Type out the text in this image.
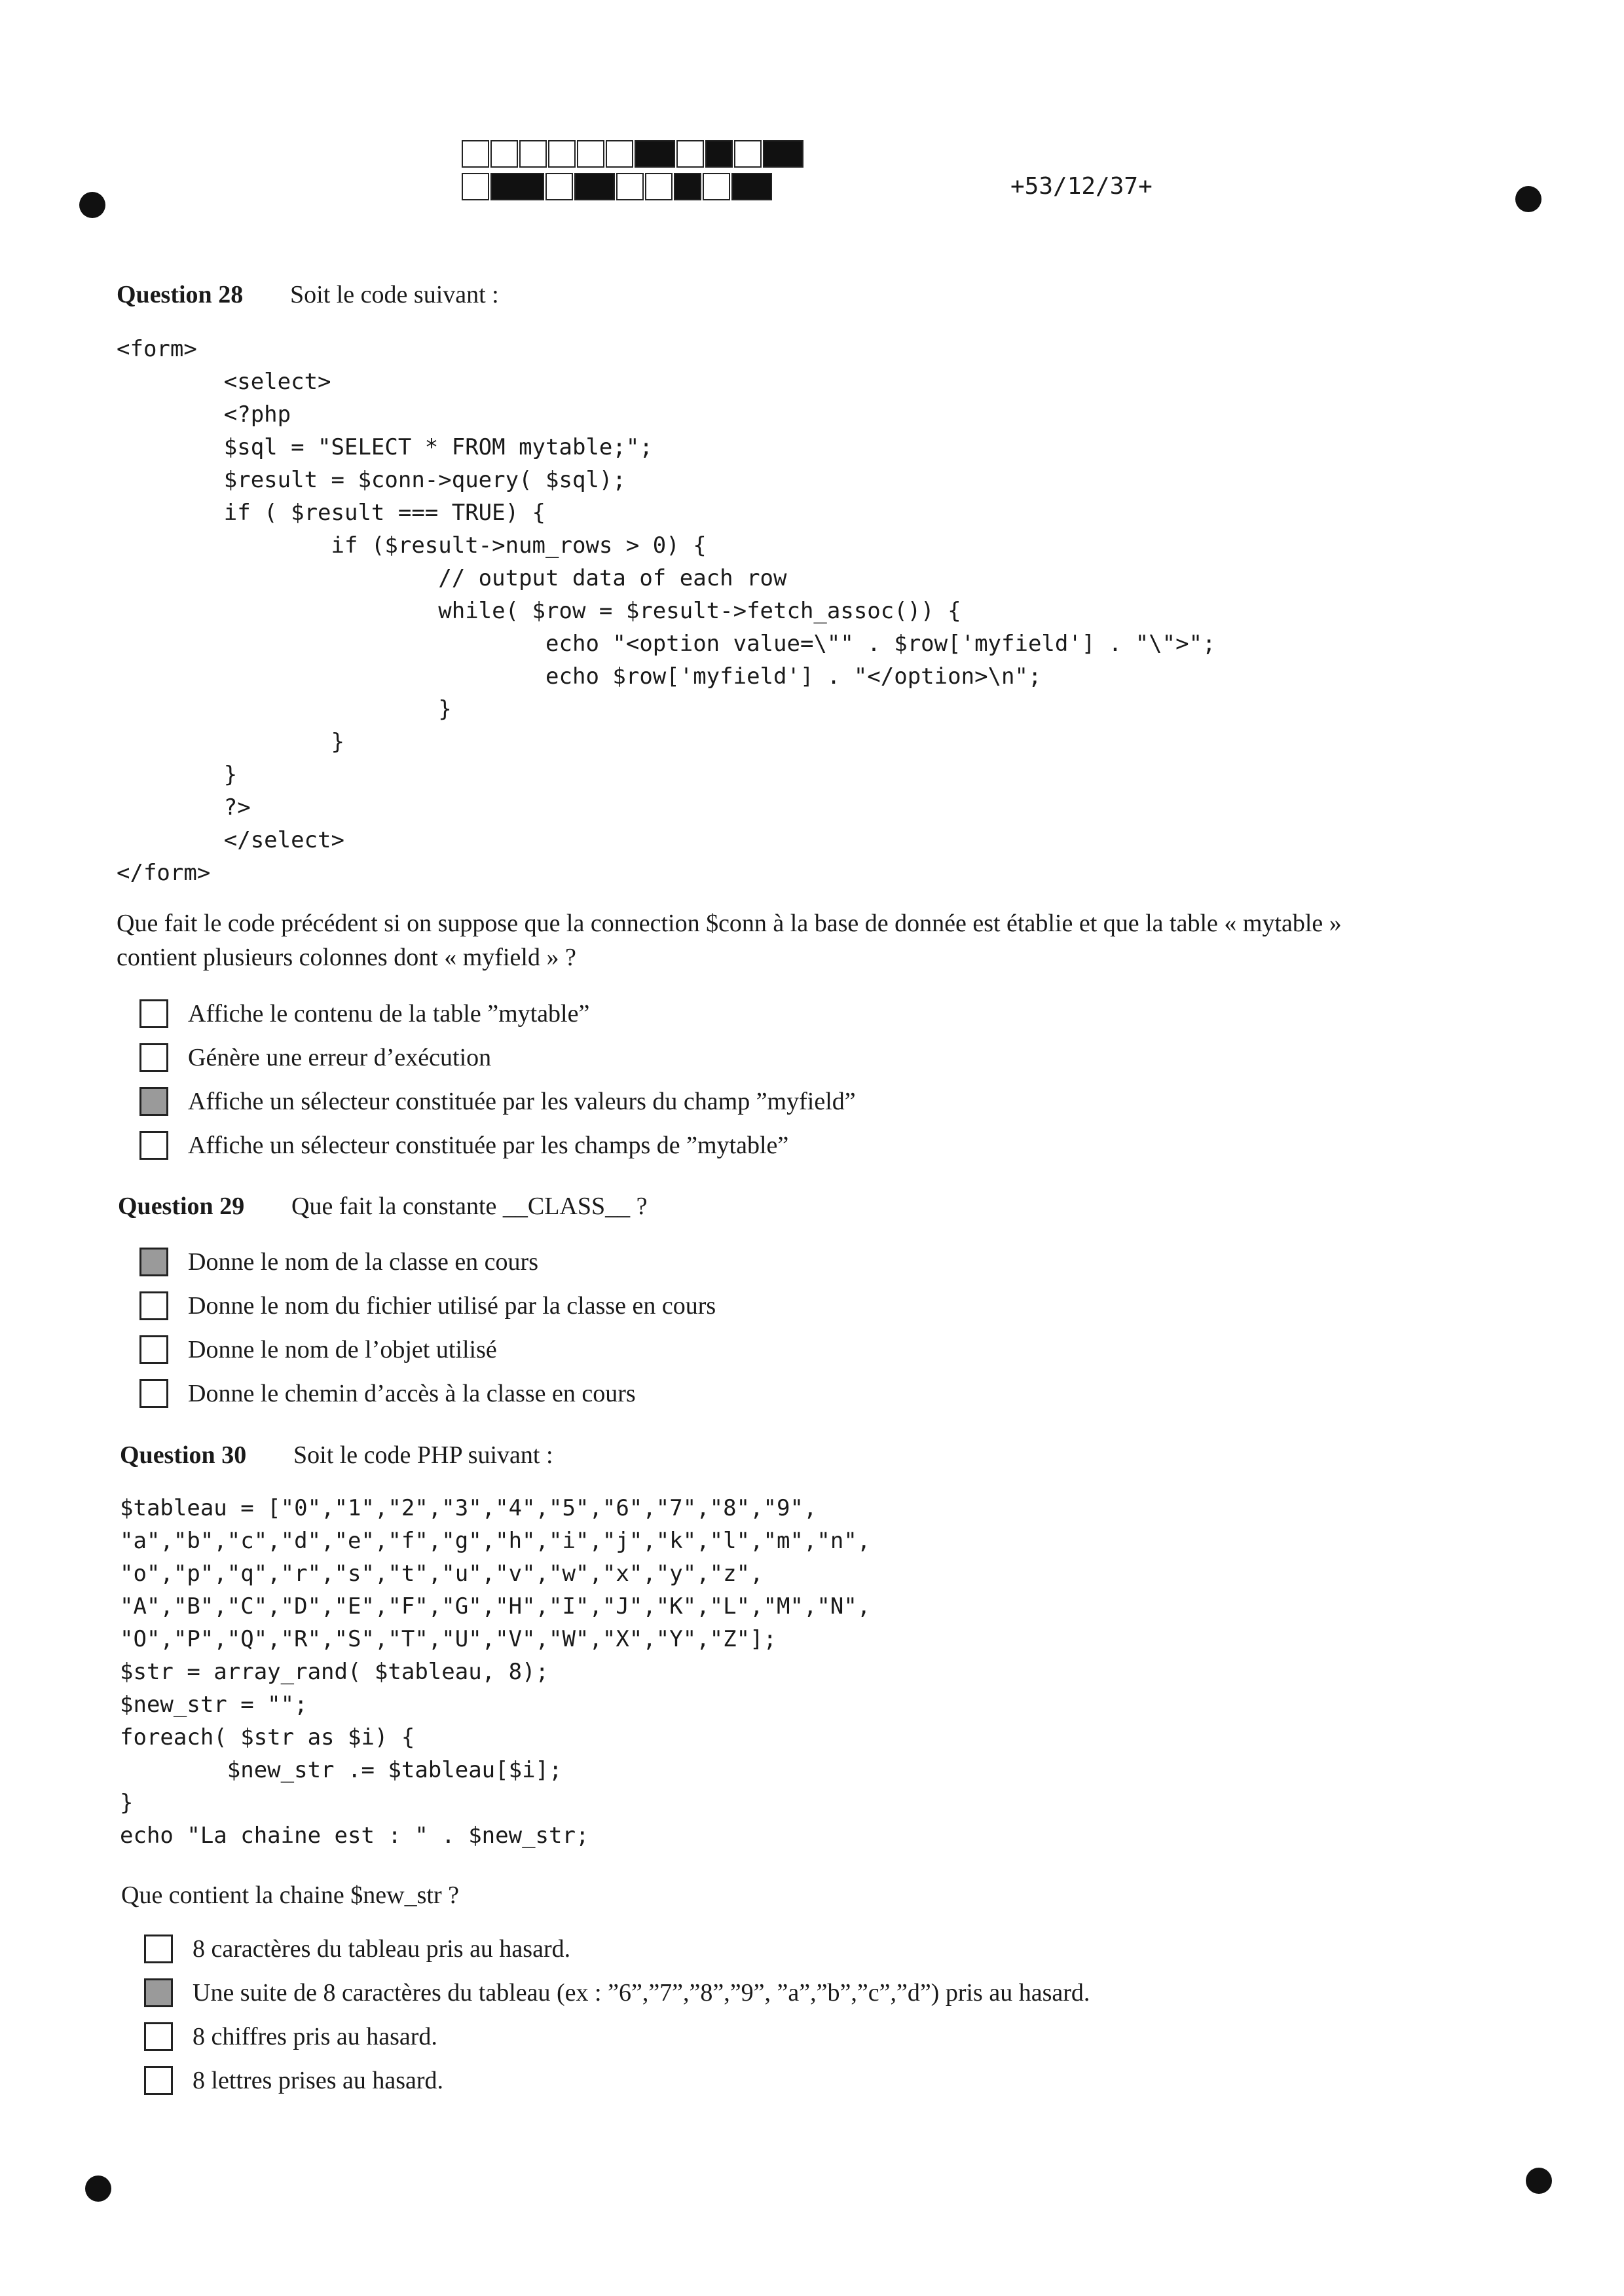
+53/12/37+
Question 28 Soit le code suivant :
<form>
<select>
<?php
$sql = "SELECT * FROM mytable;";
$result = $conn->query( $sql);
if ( $result === TRUE) {
if ($result->num_rows > 0) {
// output data of each row
while( $row = $result->fetch_assoc()) {
echo "<option value=\"" . $row['myfield'] . "\">";
echo $row['myfield'] . "</option>\n";
}
}
}
?>
</select>
</form>
Que fait le code précédent si on suppose que la connection $conn à la base de donnée est établie et que la table « mytable »
contient plusieurs colonnes dont « myfield » ?
Affiche le contenu de la table ”mytable”
Génère une erreur d’exécution
Affiche un sélecteur constituée par les valeurs du champ ”myfield”
Affiche un sélecteur constituée par les champs de ”mytable”
Question 29 Que fait la constante __CLASS__ ?
Donne le nom de la classe en cours
Donne le nom du fichier utilisé par la classe en cours
Donne le nom de l’objet utilisé
Donne le chemin d’accès à la classe en cours
Question 30 Soit le code PHP suivant :
$tableau = ["0","1","2","3","4","5","6","7","8","9",
"a","b","c","d","e","f","g","h","i","j","k","l","m","n",
"o","p","q","r","s","t","u","v","w","x","y","z",
"A","B","C","D","E","F","G","H","I","J","K","L","M","N",
"O","P","Q","R","S","T","U","V","W","X","Y","Z"];
$str = array_rand( $tableau, 8);
$new_str = "";
foreach( $str as $i) {
$new_str .= $tableau[$i];
}
echo "La chaine est : " . $new_str;
Que contient la chaine $new_str ?
8 caractères du tableau pris au hasard.
Une suite de 8 caractères du tableau (ex : ”6”,”7”,”8”,”9”, ”a”,”b”,”c”,”d”) pris au hasard.
8 chiffres pris au hasard.
8 lettres prises au hasard.
